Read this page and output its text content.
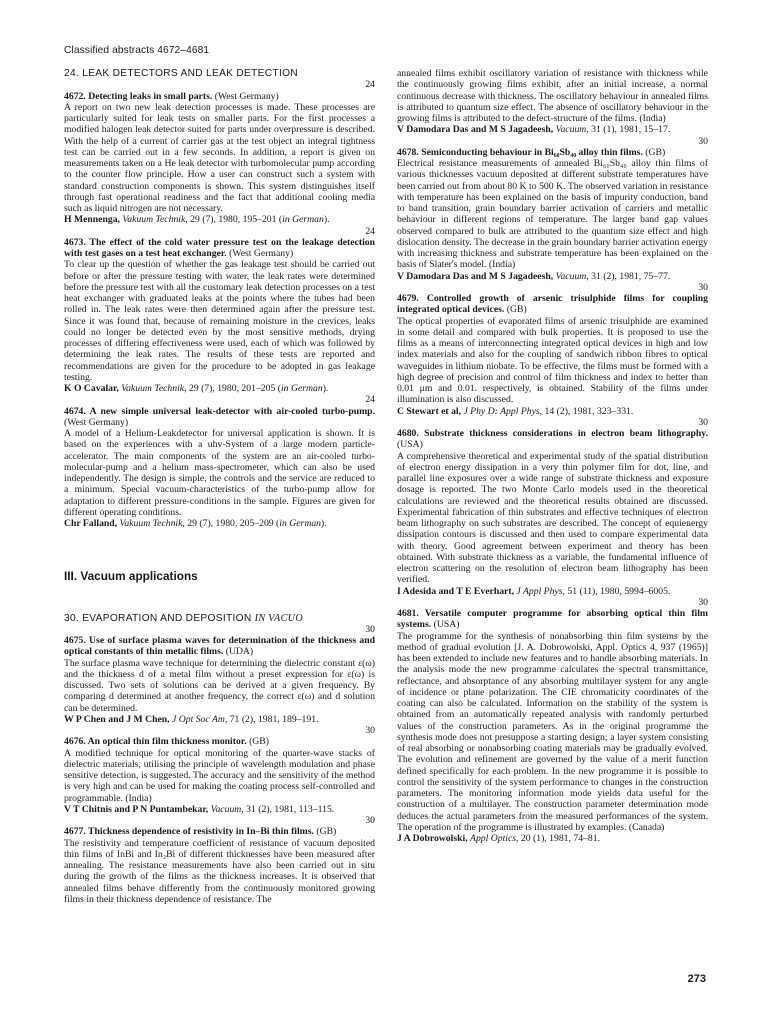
Classified abstracts 4672–4681

24. LEAK DETECTORS AND LEAK DETECTION

24

4672. Detecting leaks in small parts. (West Germany)

A report on two new leak detection processes is made. These processes are particularly suited for leak tests on smaller parts. For the first processes a modified halogen leak detector suited for parts under overpressure is described. With the help of a current of carrier gas at the test object an integral tightness test can be carried out in a few seconds. In addition, a report is given on measurements taken on a He leak detector with turbomolecular pump according to the counter flow principle. How a user can construct such a system with standard construction components is shown. This system distinguishes itself through fast operational readiness and the fact that additional cooling media such as liquid nitrogen are not necessary.

H Mennenga, Vakuum Technik, 29 (7), 1980, 195–201 (in German).

24

4673. The effect of the cold water pressure test on the leakage detection with test gases on a test heat exchanger. (West Germany)

To clear up the question of whether the gas leakage test should be carried out before or after the pressure testing with water, the leak rates were determined before the pressure test with all the customary leak detection processes on a test heat exchanger with graduated leaks at the points where the tubes had been rolled in. The leak rates were then determined again after the pressure test. Since it was found that, because of remaining moisture in the crevices, leaks could no longer be detected even by the most sensitive methods, drying processes of differing effectiveness were used, each of which was followed by determining the leak rates. The results of these tests are reported and recommendations are given for the procedure to be adopted in gas leakage testing.

K O Cavalar, Vakuum Technik, 29 (7), 1980, 201–205 (in German).

24

4674. A new simple universal leak-detector with air-cooled turbo-pump. (West Germany)

A model of a Helium-Leakdetector for universal application is shown. It is based on the experiences with a uhv-System of a large modern particle-accelerator. The main components of the system are an air-cooled turbo-molecular-pump and a helium mass-spectrometer, which can also be used independently. The design is simple, the controls and the service are reduced to a minimum. Special vacuum-characteristics of the turbo-pump allow for adaptation to different pressure-conditions in the sample. Figures are given for different operating conditions.

Chr Falland, Vakuum Technik, 29 (7), 1980, 205–209 (in German).

III. Vacuum applications

30. EVAPORATION AND DEPOSITION IN VACUO

30

4675. Use of surface plasma waves for determination of the thickness and optical constants of thin metallic films. (UDA)

The surface plasma wave technique for determining the dielectric constant ε(ω) and the thickness d of a metal film without a preset expression for ε(ω) is discussed. Two sets of solutions can be derived at a given frequency. By comparing d determined at another frequency, the correct ε(ω) and d solution can be determined.

W P Chen and J M Chen, J Opt Soc Am, 71 (2), 1981, 189–191.

30

4676. An optical thin film thickness monitor. (GB)

A modified technique for optical monitoring of the quarter-wave stacks of dielectric materials, utilising the principle of wavelength modulation and phase sensitive detection, is suggested. The accuracy and the sensitivity of the method is very high and can be used for making the coating process self-controlled and programmable. (India)

V T Chitnis and P N Puntambekar, Vacuum, 31 (2), 1981, 113–115.

30

4677. Thickness dependence of resistivity in In–Bi thin films. (GB)

The resistivity and temperature coefficient of resistance of vacuum deposited thin films of InBi and In₂Bi of different thicknesses have been measured after annealing. The resistance measurements have also been carried out in situ during the growth of the films as the thickness increases. It is observed that annealed films behave differently from the continuously monitored growing films in their thickness dependence of resistance. The

annealed films exhibit oscillatory variation of resistance with thickness while the continuously growing films exhibit, after an initial increase, a normal continuous decrease with thickness. The oscillatory behaviour in annealed films is attributed to quantum size effect. The absence of oscillatory behaviour in the growing films is attributed to the defect-structure of the films. (India)

V Damodara Das and M S Jagadeesh, Vacuum, 31 (1), 1981, 15–17.

30

4678. Semiconducting behaviour in Bi₆₀Sb₄₀ alloy thin films. (GB)

Electrical resistance measurements of annealed Bi₆₀Sb₄₀ alloy thin films of various thicknesses vacuum deposited at different substrate temperatures have been carried out from about 80 K to 500 K. The observed variation in resistance with temperature has been explained on the basis of impurity conduction, band to band transition, grain boundary barrier activation of carriers and metallic behaviour in different regions of temperature. The larger band gap values observed compared to bulk are attributed to the quantum size effect and high dislocation density. The decrease in the grain boundary barrier activation energy with increasing thickness and substrate temperature has been explained on the basis of Slater's model. (India)

V Damodara Das and M S Jagadeesh, Vacuum, 31 (2), 1981, 75–77.

30

4679. Controlled growth of arsenic trisulphide films for coupling integrated optical devices. (GB)

The optical properties of evaporated films of arsenic trisulphide are examined in some detail and compared with bulk properties. It is proposed to use the films as a means of interconnecting integrated optical devices in high and low index materials and also for the coupling of sandwich ribbon fibres to optical waveguides in lithium niobate. To be effective, the films must be formed with a high degree of precision and control of film thickness and index to better than 0.01 μm and 0.01. respectively, is obtained. Stability of the films under illumination is also discussed.

C Stewart et al, J Phy D: Appl Phys, 14 (2), 1981, 323–331.

30

4680. Substrate thickness considerations in electron beam lithography. (USA)

A comprehensive theoretical and experimental study of the spatial distribution of electron energy dissipation in a very thin polymer film for dot, line, and parallel line exposures over a wide range of substrate thickness and exposure dosage is reported. The two Monte Carlo models used in the theoretical calculations are reviewed and the theoretical results obtained are discussed. Experimental fabrication of thin substrates and effective techniques of electron beam lithography on such substrates are described. The concept of equienergy dissipation contours is discussed and then used to compare experimental data with theory. Good agreement between experiment and theory has been obtained. With substrate thickness as a variable, the fundamental influence of electron scattering on the resolution of electron beam lithography has been verified.

I Adesida and T E Everhart, J Appl Phys, 51 (11), 1980, 5994–6005.

30

4681. Versatile computer programme for absorbing optical thin film systems. (USA)

The programme for the synthesis of nonabsorbing thin film systems by the method of gradual evolution [J. A. Dobrowolski, Appl. Optics 4, 937 (1965)] has been extended to include new features and to handle absorbing materials. In the analysis mode the new programme calculates the spectral transmittance, reflectance, and absorptance of any absorbing multilayer system for any angle of incidence or plane polarization. The CIE chromaticity coordinates of the coating can also be calculated. Information on the stability of the system is obtained from an automatically repeated analysis with randomly perturbed values of the construction parameters. As in the original programme the synthesis mode does not presuppose a starting design; a layer system consisting of real absorbing or nonabsorbing coating materials may be gradually evolved. The evolution and refinement are governed by the value of a merit function defined specifically for each problem. In the new programme it is possible to control the sensitivity of the system performance to changes in the construction parameters. The monitoring information mode yields data useful for the construction of a multilayer. The construction parameter determination mode deduces the actual parameters from the measured performances of the system. The operation of the programme is illustrated by examples. (Canada)

J A Dobrowolski, Appl Optics, 20 (1), 1981, 74–81.

273
